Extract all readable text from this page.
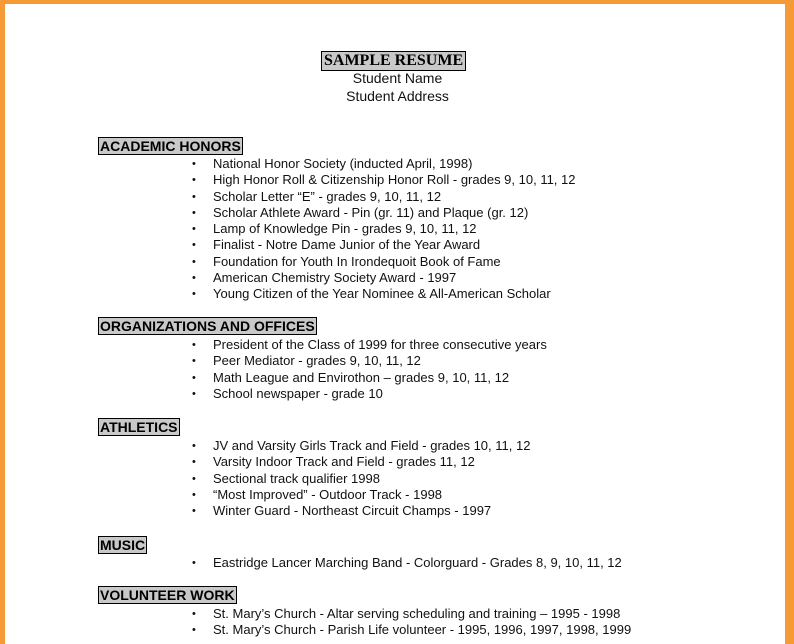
SAMPLE RESUME
Student Name
Student Address
ACADEMIC HONORS
• National Honor Society (inducted April, 1998)
• High Honor Roll & Citizenship Honor Roll - grades 9, 10, 11, 12
• Scholar Letter “E” - grades 9, 10, 11, 12
• Scholar Athlete Award - Pin (gr. 11) and Plaque (gr. 12)
• Lamp of Knowledge Pin - grades 9, 10, 11, 12
• Finalist - Notre Dame Junior of the Year Award
• Foundation for Youth In Irondequoit Book of Fame
• American Chemistry Society Award - 1997
• Young Citizen of the Year Nominee & All-American Scholar
ORGANIZATIONS AND OFFICES
• President of the Class of 1999 for three consecutive years
• Peer Mediator - grades 9, 10, 11, 12
• Math League and Envirothon – grades 9, 10, 11, 12
• School newspaper - grade 10
ATHLETICS
• JV and Varsity Girls Track and Field - grades 10, 11, 12
• Varsity Indoor Track and Field - grades 11, 12
• Sectional track qualifier 1998
• “Most Improved” - Outdoor Track - 1998
• Winter Guard - Northeast Circuit Champs - 1997
MUSIC
• Eastridge Lancer Marching Band - Colorguard - Grades 8, 9, 10, 11, 12
VOLUNTEER WORK
• St. Mary’s Church - Altar serving scheduling and training – 1995 - 1998
• St. Mary’s Church - Parish Life volunteer - 1995, 1996, 1997, 1998, 1999
